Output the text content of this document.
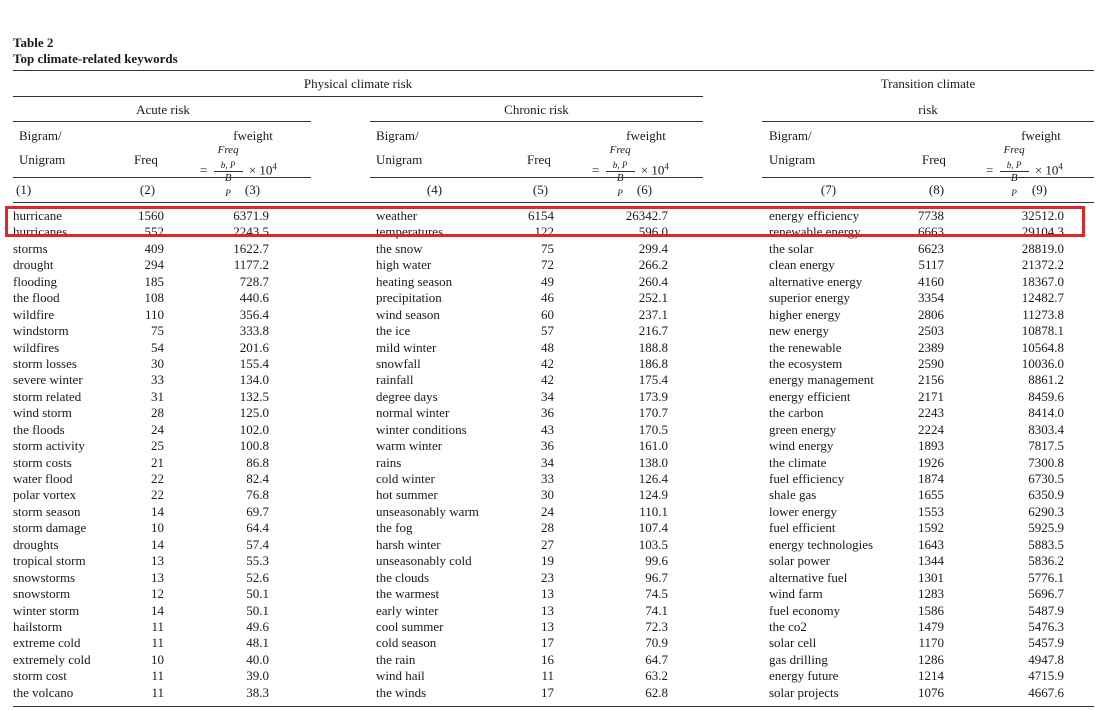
Table 2
Top climate-related keywords
Physical climate risk	Transition climate
risk
Acute risk	Chronic risk
Bigram/
Unigram	Freq
fweight
= Freq
$_{b, P}$
B
$_P \times 10^4$
Bigram/
Unigram	Freq
fweight
= Freq
$_{b, P}$
B
$_P \times 10^4$
Bigram/
Unigram	Freq
fweight
= Freq
$_{b, P}$
B
$_P \times 10^4$
(1)	(2)	(3)	(4)	(5)	(6)	(7)	(8)	(9)
hurricane	1560	6371.9	weather	6154	26342.7	energy efficiency	7738	32512.0
hurricanes	552	2243.5	temperatures	122	596.0	renewable energy	6663	29104.3
storms	409	1622.7	the snow	75	299.4	the solar	6623	28819.0
drought	294	1177.2	high water	72	266.2	clean energy	5117	21372.2
flooding	185	728.7	heating season	49	260.4	alternative energy	4160	18367.0
the flood	108	440.6	precipitation	46	252.1	superior energy	3354	12482.7
wildfire	110	356.4	wind season	60	237.1	higher energy	2806	11273.8
windstorm	75	333.8	the ice	57	216.7	new energy	2503	10878.1
wildfires	54	201.6	mild winter	48	188.8	the renewable	2389	10564.8
storm losses	30	155.4	snowfall	42	186.8	the ecosystem	2590	10036.0
severe winter	33	134.0	rainfall	42	175.4	energy management	2156	8861.2
storm related	31	132.5	degree days	34	173.9	energy efficient	2171	8459.6
wind storm	28	125.0	normal winter	36	170.7	the carbon	2243	8414.0
the floods	24	102.0	winter conditions	43	170.5	green energy	2224	8303.4
storm activity	25	100.8	warm winter	36	161.0	wind energy	1893	7817.5
storm costs	21	86.8	rains	34	138.0	the climate	1926	7300.8
water flood	22	82.4	cold winter	33	126.4	fuel efficiency	1874	6730.5
polar vortex	22	76.8	hot summer	30	124.9	shale gas	1655	6350.9
storm season	14	69.7	unseasonably warm	24	110.1	lower energy	1553	6290.3
storm damage	10	64.4	the fog	28	107.4	fuel efficient	1592	5925.9
droughts	14	57.4	harsh winter	27	103.5	energy technologies	1643	5883.5
tropical storm	13	55.3	unseasonably cold	19	99.6	solar power	1344	5836.2
snowstorms	13	52.6	the clouds	23	96.7	alternative fuel	1301	5776.1
snowstorm	12	50.1	the warmest	13	74.5	wind farm	1283	5696.7
winter storm	14	50.1	early winter	13	74.1	fuel economy	1586	5487.9
hailstorm	11	49.6	cool summer	13	72.3	the co2	1479	5476.3
extreme cold	11	48.1	cold season	17	70.9	solar cell	1170	5457.9
extremely cold	10	40.0	the rain	16	64.7	gas drilling	1286	4947.8
storm cost	11	39.0	wind hail	11	63.2	energy future	1214	4715.9
the volcano	11	38.3	the winds	17	62.8	solar projects	1076	4667.6
